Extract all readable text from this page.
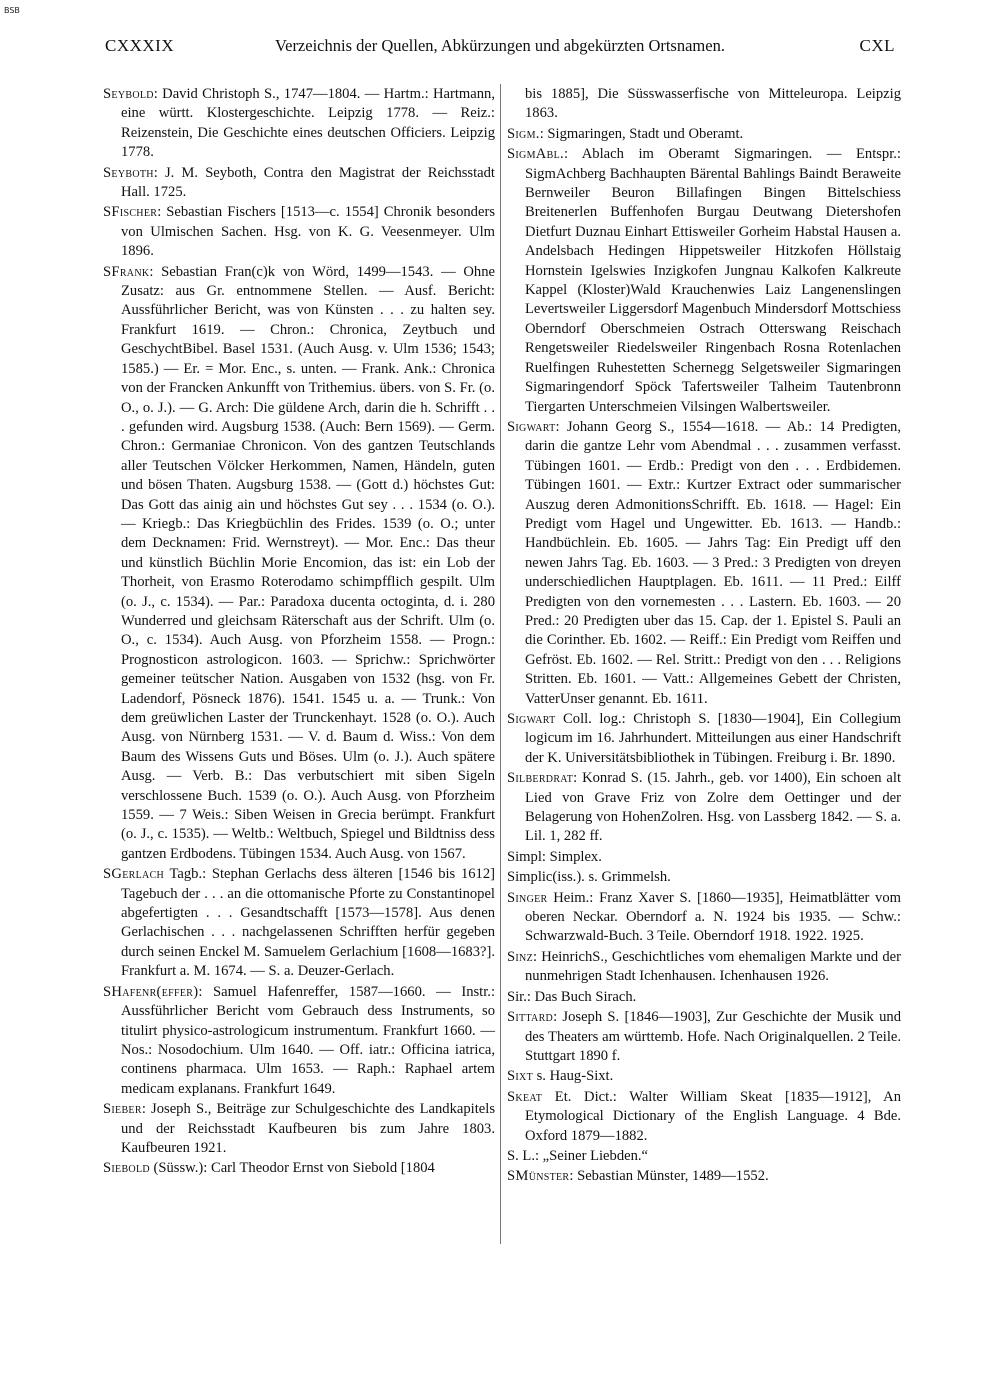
BSB
CXXXIX	Verzeichnis der Quellen, Abkürzungen und abgekürzten Ortsnamen.	CXL

Seybold: David Christoph S., 1747—1804. — Hartm.: Hartmann, eine württ. Klostergeschichte. Leipzig 1778. — Reiz.: Reizenstein, Die Geschichte eines deutschen Officiers. Leipzig 1778.

Seyboth: J. M. Seyboth, Contra den Magistrat der Reichsstadt Hall. 1725.

SFischer: Sebastian Fischers [1513—c. 1554] Chronik besonders von Ulmischen Sachen. Hsg. von K. G. Veesenmeyer. Ulm 1896.

SFrank: Sebastian Fran(c)k von Wörd, 1499—1543. — Ohne Zusatz: aus Gr. entnommene Stellen. — Ausf. Bericht: Aussführlicher Bericht, was von Künsten . . . zu halten sey. Frankfurt 1619. — Chron.: Chronica, Zeytbuch und GeschychtBibel. Basel 1531. (Auch Ausg. v. Ulm 1536; 1543; 1585.) — Er. = Mor. Enc., s. unten. — Frank. Ank.: Chronica von der Francken Ankunfft von Trithemius. übers. von S. Fr. (o. O., o. J.). — G. Arch: Die güldene Arch, darin die h. Schrifft . . . gefunden wird. Augsburg 1538. (Auch: Bern 1569). — Germ. Chron.: Germaniae Chronicon. Von des gantzen Teutschlands aller Teutschen Völcker Herkommen, Namen, Händeln, guten und bösen Thaten. Augsburg 1538. — (Gott d.) höchstes Gut: Das Gott das ainig ain und höchstes Gut sey . . . 1534 (o. O.). — Kriegb.: Das Kriegbüchlin des Frides. 1539 (o. O.; unter dem Decknamen: Frid. Wernstreyt). — Mor. Enc.: Das theur und künstlich Büchlin Morie Encomion, das ist: ein Lob der Thorheit, von Erasmo Roterodamo schimpfflich gespilt. Ulm (o. J., c. 1534). — Par.: Paradoxa ducenta octoginta, d. i. 280 Wunderred und gleichsam Räterschaft aus der Schrift. Ulm (o. O., c. 1534). Auch Ausg. von Pforzheim 1558. — Progn.: Prognosticon astrologicon. 1603. — Sprichw.: Sprichwörter gemeiner teütscher Nation. Ausgaben von 1532 (hsg. von Fr. Ladendorf, Pösneck 1876). 1541. 1545 u. a. — Trunk.: Von dem greüwlichen Laster der Trunckenhayt. 1528 (o. O.). Auch Ausg. von Nürnberg 1531. — V. d. Baum d. Wiss.: Von dem Baum des Wissens Guts und Böses. Ulm (o. J.). Auch spätere Ausg. — Verb. B.: Das verbutschiert mit siben Sigeln verschlossene Buch. 1539 (o. O.). Auch Ausg. von Pforzheim 1559. — 7 Weis.: Siben Weisen in Grecia berümpt. Frankfurt (o. J., c. 1535). — Weltb.: Weltbuch, Spiegel und Bildtniss dess gantzen Erdbodens. Tübingen 1534. Auch Ausg. von 1567.

SGerlach Tagb.: Stephan Gerlachs dess älteren [1546 bis 1612] Tagebuch der . . . an die ottomanische Pforte zu Constantinopel abgefertigten . . . Gesandtschafft [1573—1578]. Aus denen Gerlachischen . . . nachgelassenen Schrifften herfür gegeben durch seinen Enckel M. Samuelem Gerlachium [1608—1683?]. Frankfurt a. M. 1674. — S. a. Deuzer-Gerlach.

SHafenr(effer): Samuel Hafenreffer, 1587—1660. — Instr.: Aussführlicher Bericht vom Gebrauch dess Instruments, so titulirt physico-astrologicum instrumentum. Frankfurt 1660. — Nos.: Nosodochium. Ulm 1640. — Off. iatr.: Officina iatrica, continens pharmaca. Ulm 1653. — Raph.: Raphael artem medicam explanans. Frankfurt 1649.

Sieber: Joseph S., Beiträge zur Schulgeschichte des Landkapitels und der Reichsstadt Kaufbeuren bis zum Jahre 1803. Kaufbeuren 1921.

Siebold (Süssw.): Carl Theodor Ernst von Siebold [1804

bis 1885], Die Süsswasserfische von Mitteleuropa. Leipzig 1863.

Sigm.: Sigmaringen, Stadt und Oberamt.

SigmAbl.: Ablach im Oberamt Sigmaringen. — Entspr.: SigmAchberg Bachhaupten Bärental Bahlings Baindt Beraweite Bernweiler Beuron Billafingen Bingen Bittelschiess Breitenerlen Buffenhofen Burgau Deutwang Dietershofen Dietfurt Duznau Einhart Ettisweiler Gorheim Habstal Hausen a. Andelsbach Hedingen Hippetsweiler Hitzkofen Höllstaig Hornstein Igelswies Inzigkofen Jungnau Kalkofen Kalkreute Kappel (Kloster)Wald Krauchenwies Laiz Langenenslingen Levertsweiler Liggersdorf Magenbuch Mindersdorf Mottschiess Oberndorf Oberschmeien Ostrach Otterswang Reischach Rengetsweiler Riedelsweiler Ringenbach Rosna Rotenlachen Ruelfingen Ruhestetten Schernegg Selgetsweiler Sigmaringen Sigmaringendorf Spöck Tafertsweiler Talheim Tautenbronn Tiergarten Unterschmeien Vilsingen Walbertsweiler.

Sigwart: Johann Georg S., 1554—1618. — Ab.: 14 Predigten, darin die gantze Lehr vom Abendmal . . . zusammen verfasst. Tübingen 1601. — Erdb.: Predigt von den . . . Erdbidemen. Tübingen 1601. — Extr.: Kurtzer Extract oder summarischer Auszug deren AdmonitionsSchrifft. Eb. 1618. — Hagel: Ein Predigt vom Hagel und Ungewitter. Eb. 1613. — Handb.: Handbüchlein. Eb. 1605. — Jahrs Tag: Ein Predigt uff den newen Jahrs Tag. Eb. 1603. — 3 Pred.: 3 Predigten von dreyen underschiedlichen Hauptplagen. Eb. 1611. — 11 Pred.: Eilff Predigten von den vornemesten . . . Lastern. Eb. 1603. — 20 Pred.: 20 Predigten uber das 15. Cap. der 1. Epistel S. Pauli an die Corinther. Eb. 1602. — Reiff.: Ein Predigt vom Reiffen und Gefröst. Eb. 1602. — Rel. Stritt.: Predigt von den . . . Religions Stritten. Eb. 1601. — Vatt.: Allgemeines Gebett der Christen, VatterUnser genannt. Eb. 1611.

Sigwart Coll. log.: Christoph S. [1830—1904], Ein Collegium logicum im 16. Jahrhundert. Mitteilungen aus einer Handschrift der K. Universitätsbibliothek in Tübingen. Freiburg i. Br. 1890.

Silberdrat: Konrad S. (15. Jahrh., geb. vor 1400), Ein schoen alt Lied von Grave Friz von Zolre dem Oettinger und der Belagerung von HohenZolren. Hsg. von Lassberg 1842. — S. a. Lil. 1, 282 ff.

Simpl: Simplex.

Simplic(iss.). s. Grimmelsh.

Singer Heim.: Franz Xaver S. [1860—1935], Heimatblätter vom oberen Neckar. Oberndorf a. N. 1924 bis 1935. — Schw.: Schwarzwald-Buch. 3 Teile. Oberndorf 1918. 1922. 1925.

Sinz: HeinrichS., Geschichtliches vom ehemaligen Markte und der nunmehrigen Stadt Ichenhausen. Ichenhausen 1926.

Sir.: Das Buch Sirach.

Sittard: Joseph S. [1846—1903], Zur Geschichte der Musik und des Theaters am württemb. Hofe. Nach Originalquellen. 2 Teile. Stuttgart 1890 f.

Sixt s. Haug-Sixt.

Skeat Et. Dict.: Walter William Skeat [1835—1912], An Etymological Dictionary of the English Language. 4 Bde. Oxford 1879—1882.

S. L.: „Seiner Liebden.“

SMünster: Sebastian Münster, 1489—1552.
